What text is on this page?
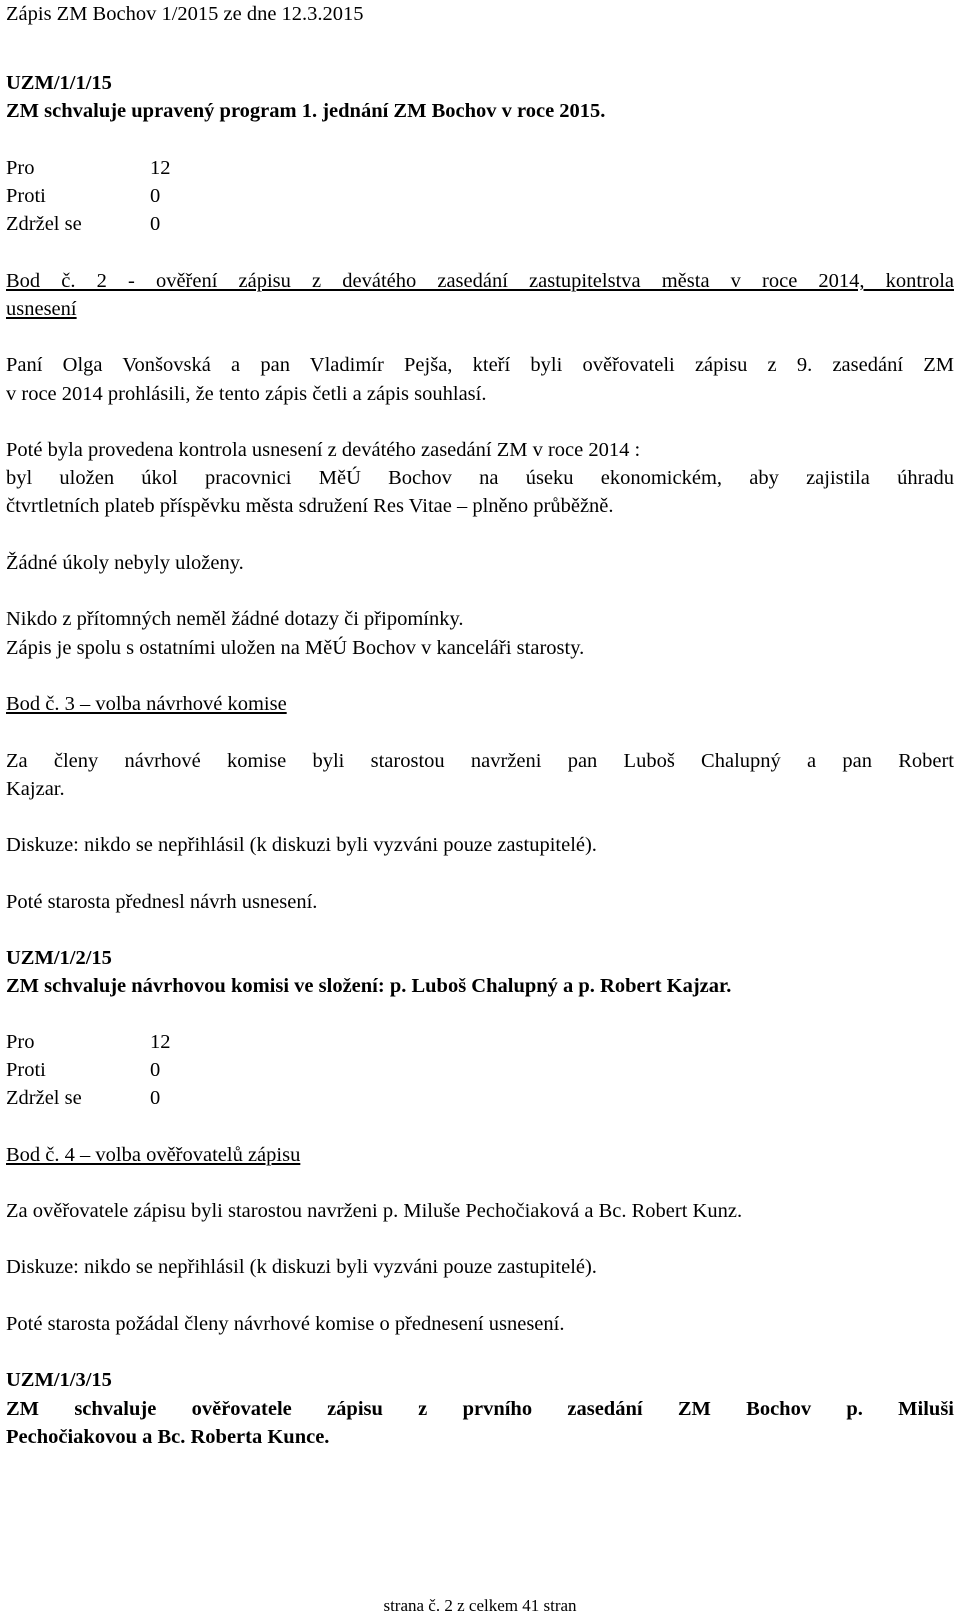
Zápis ZM Bochov 1/2015 ze dne 12.3.2015
UZM/1/1/15
ZM schvaluje upravený program 1. jednání ZM Bochov v roce 2015.
Pro	12
Proti	0
Zdržel se	0
Bod č. 2 - ověření zápisu z devátého zasedání zastupitelstva města v roce 2014, kontrola
usnesení
Paní Olga Vonšovská a pan Vladimír Pejša, kteří byli ověřovateli zápisu z 9. zasedání ZM
v roce 2014 prohlásili, že tento zápis četli a zápis souhlasí.
Poté byla provedena kontrola usnesení z devátého zasedání ZM v roce 2014 :
byl uložen úkol pracovnici MěÚ Bochov na úseku ekonomickém, aby zajistila úhradu
čtvrtletních plateb příspěvku města sdružení Res Vitae – plněno průběžně.
Žádné úkoly nebyly uloženy.
Nikdo z přítomných neměl žádné dotazy či připomínky.
Zápis je spolu s ostatními uložen na MěÚ Bochov v kanceláři starosty.
Bod č. 3 – volba návrhové komise
Za členy návrhové komise byli starostou navrženi pan Luboš Chalupný a pan Robert
Kajzar.
Diskuze: nikdo se nepřihlásil (k diskuzi byli vyzváni pouze zastupitelé).
Poté starosta přednesl návrh usnesení.
UZM/1/2/15
ZM schvaluje návrhovou komisi ve složení: p. Luboš Chalupný a p. Robert Kajzar.
Pro	12
Proti	0
Zdržel se	0
Bod č. 4 – volba ověřovatelů zápisu
Za ověřovatele zápisu byli starostou navrženi p. Miluše Pechočiaková a Bc. Robert Kunz.
Diskuze: nikdo se nepřihlásil (k diskuzi byli vyzváni pouze zastupitelé).
Poté starosta požádal členy návrhové komise o přednesení usnesení.
UZM/1/3/15
ZM schvaluje ověřovatele zápisu z prvního zasedání ZM Bochov p. Miluši
Pechočiakovou a Bc. Roberta Kunce.
strana č. 2 z celkem 41 stran
